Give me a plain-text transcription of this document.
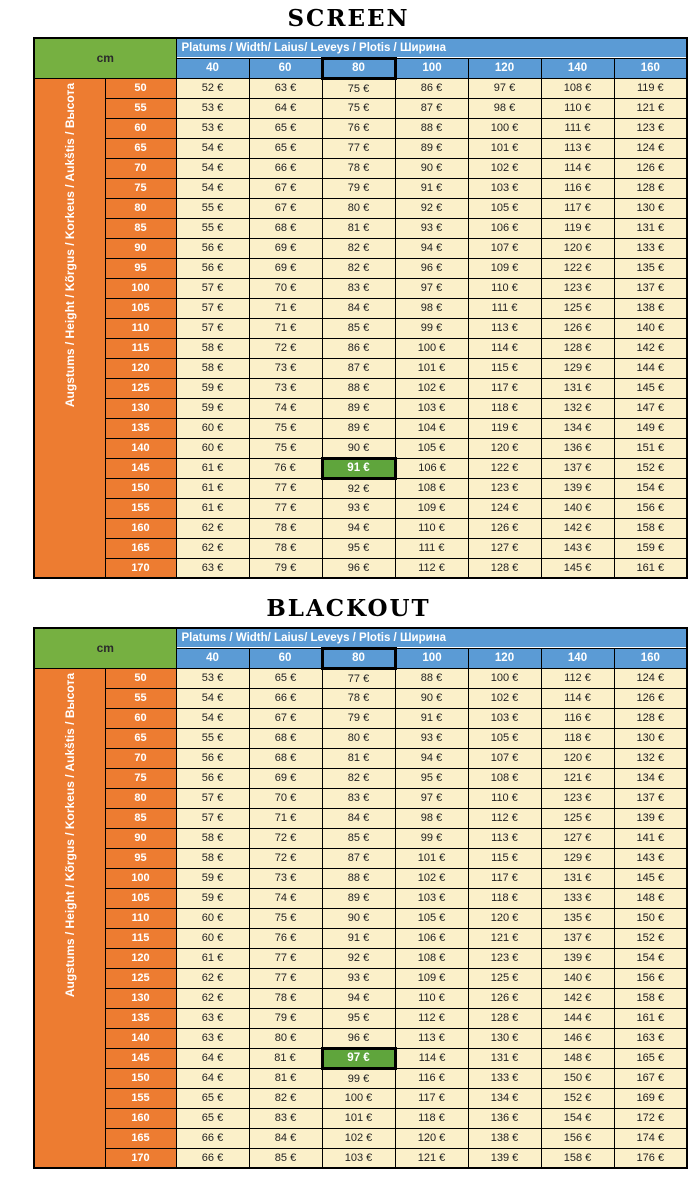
SCREEN
cm		Platums / Width/ Laius/ Leveys / Plotis / Ширина						
		40	60	80	100	120	140	160

Augstums / Height / Kõrgus / Korkeus / Aukštis / Высота	50	52 €	63 €	75 €	86 €	97 €	108 €	119 €
	55	53 €	64 €	75 €	87 €	98 €	110 €	121 €
	60	53 €	65 €	76 €	88 €	100 €	111 €	123 €
	65	54 €	65 €	77 €	89 €	101 €	113 €	124 €
	70	54 €	66 €	78 €	90 €	102 €	114 €	126 €
	75	54 €	67 €	79 €	91 €	103 €	116 €	128 €
	80	55 €	67 €	80 €	92 €	105 €	117 €	130 €
	85	55 €	68 €	81 €	93 €	106 €	119 €	131 €
	90	56 €	69 €	82 €	94 €	107 €	120 €	133 €
	95	56 €	69 €	82 €	96 €	109 €	122 €	135 €
	100	57 €	70 €	83 €	97 €	110 €	123 €	137 €
	105	57 €	71 €	84 €	98 €	111 €	125 €	138 €
	110	57 €	71 €	85 €	99 €	113 €	126 €	140 €
	115	58 €	72 €	86 €	100 €	114 €	128 €	142 €
	120	58 €	73 €	87 €	101 €	115 €	129 €	144 €
	125	59 €	73 €	88 €	102 €	117 €	131 €	145 €
	130	59 €	74 €	89 €	103 €	118 €	132 €	147 €
	135	60 €	75 €	89 €	104 €	119 €	134 €	149 €
	140	60 €	75 €	90 €	105 €	120 €	136 €	151 €
	145	61 €	76 €	91 €	106 €	122 €	137 €	152 €
	150	61 €	77 €	92 €	108 €	123 €	139 €	154 €
	155	61 €	77 €	93 €	109 €	124 €	140 €	156 €
	160	62 €	78 €	94 €	110 €	126 €	142 €	158 €
	165	62 €	78 €	95 €	111 €	127 €	143 €	159 €
	170	63 €	79 €	96 €	112 €	128 €	145 €	161 €
BLACKOUT
cm		Platums / Width/ Laius/ Leveys / Plotis / Ширина						
		40	60	80	100	120	140	160

Augstums / Height / Kõrgus / Korkeus / Aukštis / Высота	50	53 €	65 €	77 €	88 €	100 €	112 €	124 €
	55	54 €	66 €	78 €	90 €	102 €	114 €	126 €
	60	54 €	67 €	79 €	91 €	103 €	116 €	128 €
	65	55 €	68 €	80 €	93 €	105 €	118 €	130 €
	70	56 €	68 €	81 €	94 €	107 €	120 €	132 €
	75	56 €	69 €	82 €	95 €	108 €	121 €	134 €
	80	57 €	70 €	83 €	97 €	110 €	123 €	137 €
	85	57 €	71 €	84 €	98 €	112 €	125 €	139 €
	90	58 €	72 €	85 €	99 €	113 €	127 €	141 €
	95	58 €	72 €	87 €	101 €	115 €	129 €	143 €
	100	59 €	73 €	88 €	102 €	117 €	131 €	145 €
	105	59 €	74 €	89 €	103 €	118 €	133 €	148 €
	110	60 €	75 €	90 €	105 €	120 €	135 €	150 €
	115	60 €	76 €	91 €	106 €	121 €	137 €	152 €
	120	61 €	77 €	92 €	108 €	123 €	139 €	154 €
	125	62 €	77 €	93 €	109 €	125 €	140 €	156 €
	130	62 €	78 €	94 €	110 €	126 €	142 €	158 €
	135	63 €	79 €	95 €	112 €	128 €	144 €	161 €
	140	63 €	80 €	96 €	113 €	130 €	146 €	163 €
	145	64 €	81 €	97 €	114 €	131 €	148 €	165 €
	150	64 €	81 €	99 €	116 €	133 €	150 €	167 €
	155	65 €	82 €	100 €	117 €	134 €	152 €	169 €
	160	65 €	83 €	101 €	118 €	136 €	154 €	172 €
	165	66 €	84 €	102 €	120 €	138 €	156 €	174 €
	170	66 €	85 €	103 €	121 €	139 €	158 €	176 €
